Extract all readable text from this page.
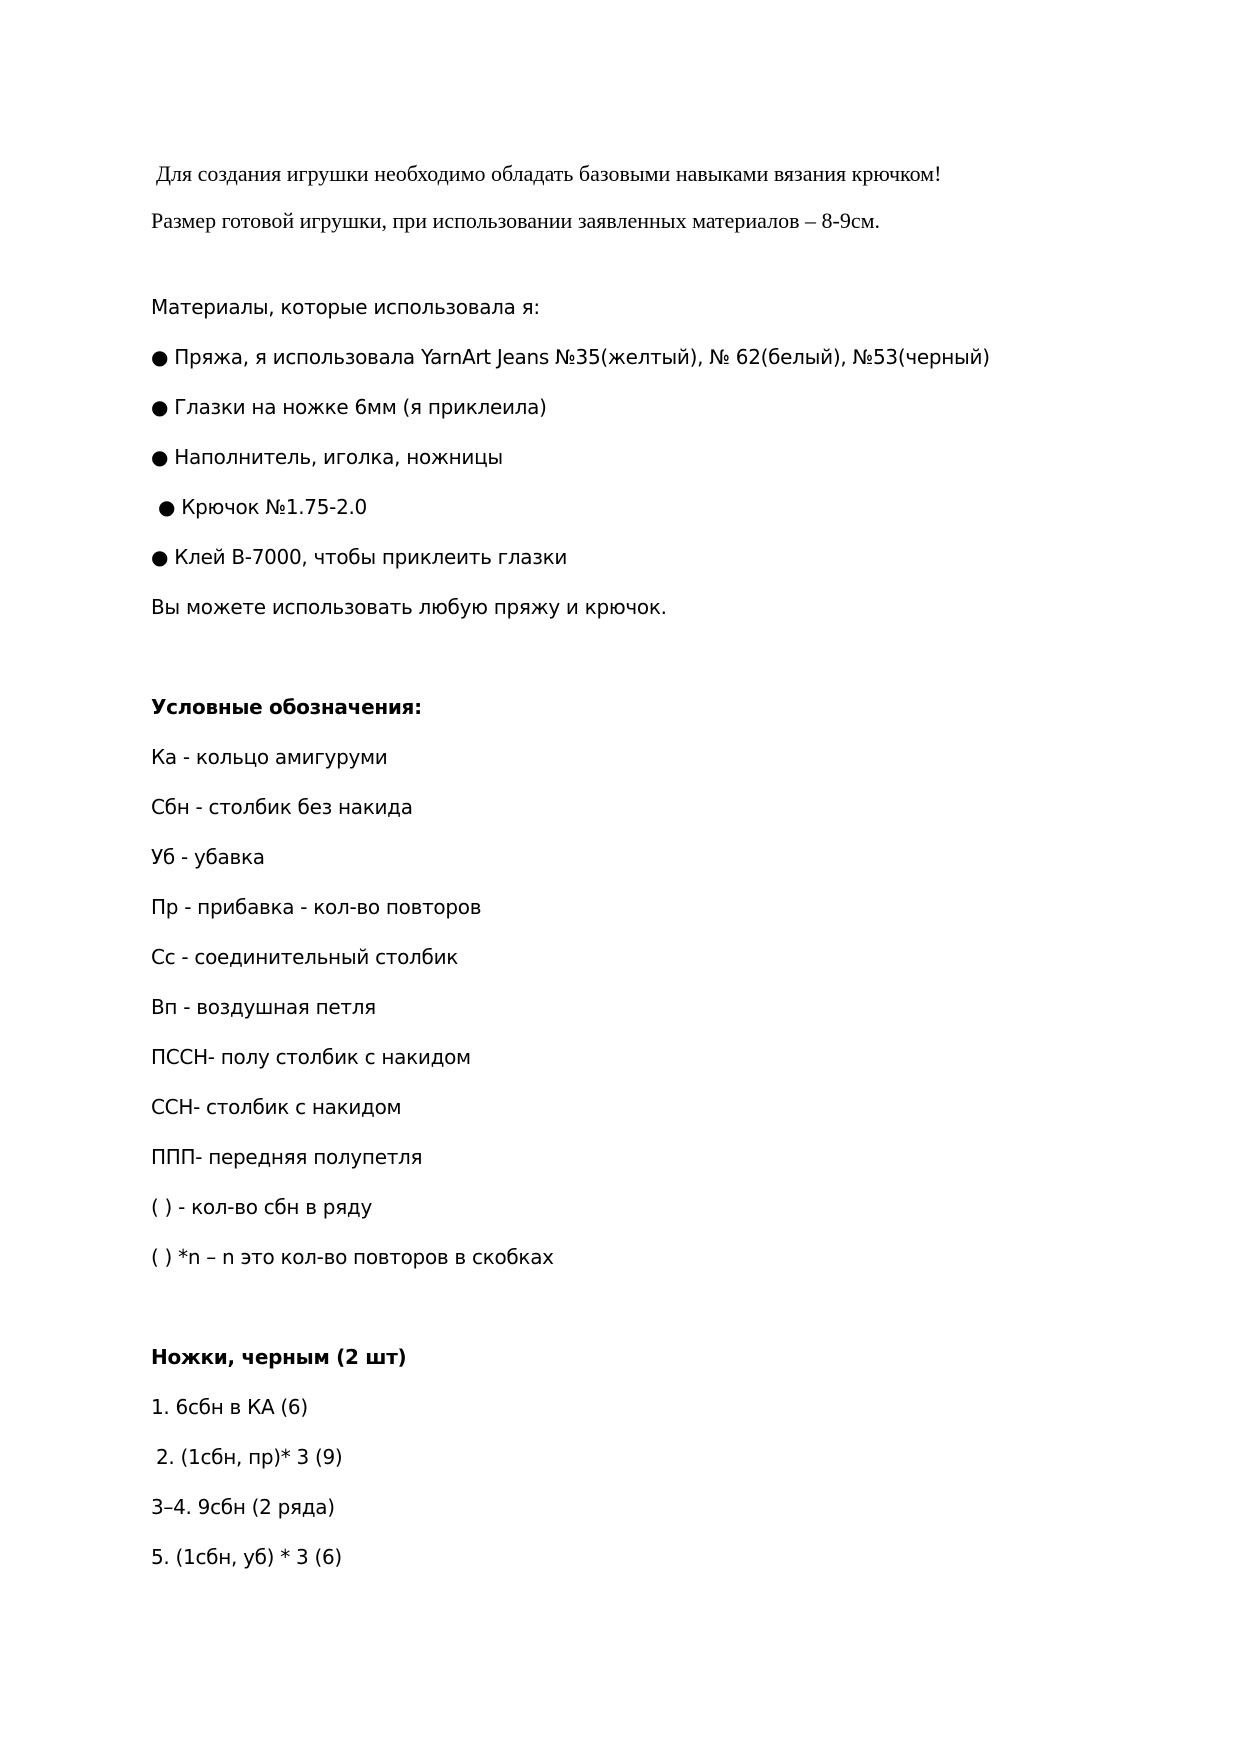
Для создания игрушки необходимо обладать базовыми навыками вязания крючком!
Размер готовой игрушки, при использовании заявленных материалов – 8-9см.
Материалы, которые использовала я:
● Пряжа, я использовала YarnArt Jeans №35(желтый), № 62(белый), №53(черный)
● Глазки на ножке 6мм (я приклеила)
● Наполнитель, иголка, ножницы
● Крючок №1.75-2.0
● Клей B-7000, чтобы приклеить глазки
Вы можете использовать любую пряжу и крючок.
Условные обозначения:
Ка - кольцо амигуруми
Сбн - столбик без накида
Уб - убавка
Пр - прибавка - кол-во повторов
Сс - соединительный столбик
Вп - воздушная петля
ПССН- полу столбик с накидом
ССН- столбик с накидом
ППП- передняя полупетля
( ) - кол-во сбн в ряду
( ) *n – n это кол-во повторов в скобках
Ножки, черным (2 шт)
1. 6сбн в КА (6)
2. (1сбн, пр)* 3 (9)
3–4. 9сбн (2 ряда)
5. (1сбн, уб) * 3 (6)
